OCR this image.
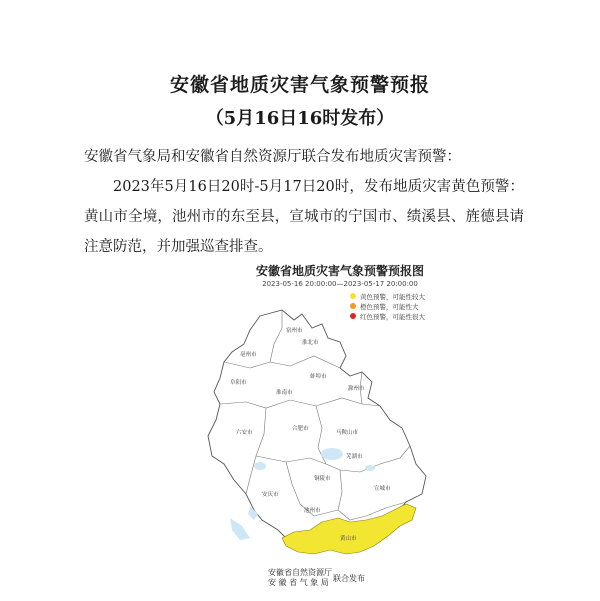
安徽省地质灾害气象预警预报
（5月16日16时发布）
安徽省气象局和安徽省自然资源厅联合发布地质灾害预警：
2023年5月16日20时-5月17日20时，发布地质灾害黄色预警：黄山市全境，池州市的东至县，宣城市的宁国市、绩溪县、旌德县请注意防范，并加强巡查排查。
宿州市
亳州市
淮北市
阜阳市
蚌埠市
淮南市
滁州市
六安市
合肥市
马鞍山市
芜湖市
安庆市
池州市
铜陵市
宣城市
黄山市
安徽省地质灾害气象预警预报图
2023-05-16 20:00:00—2023-05-17 20:00:00
黄色预警，可能性较大
橙色预警，可能性大
红色预警，可能性很大
安徽省自然资源厅
安 徽 省 气 象 局 联合发布
